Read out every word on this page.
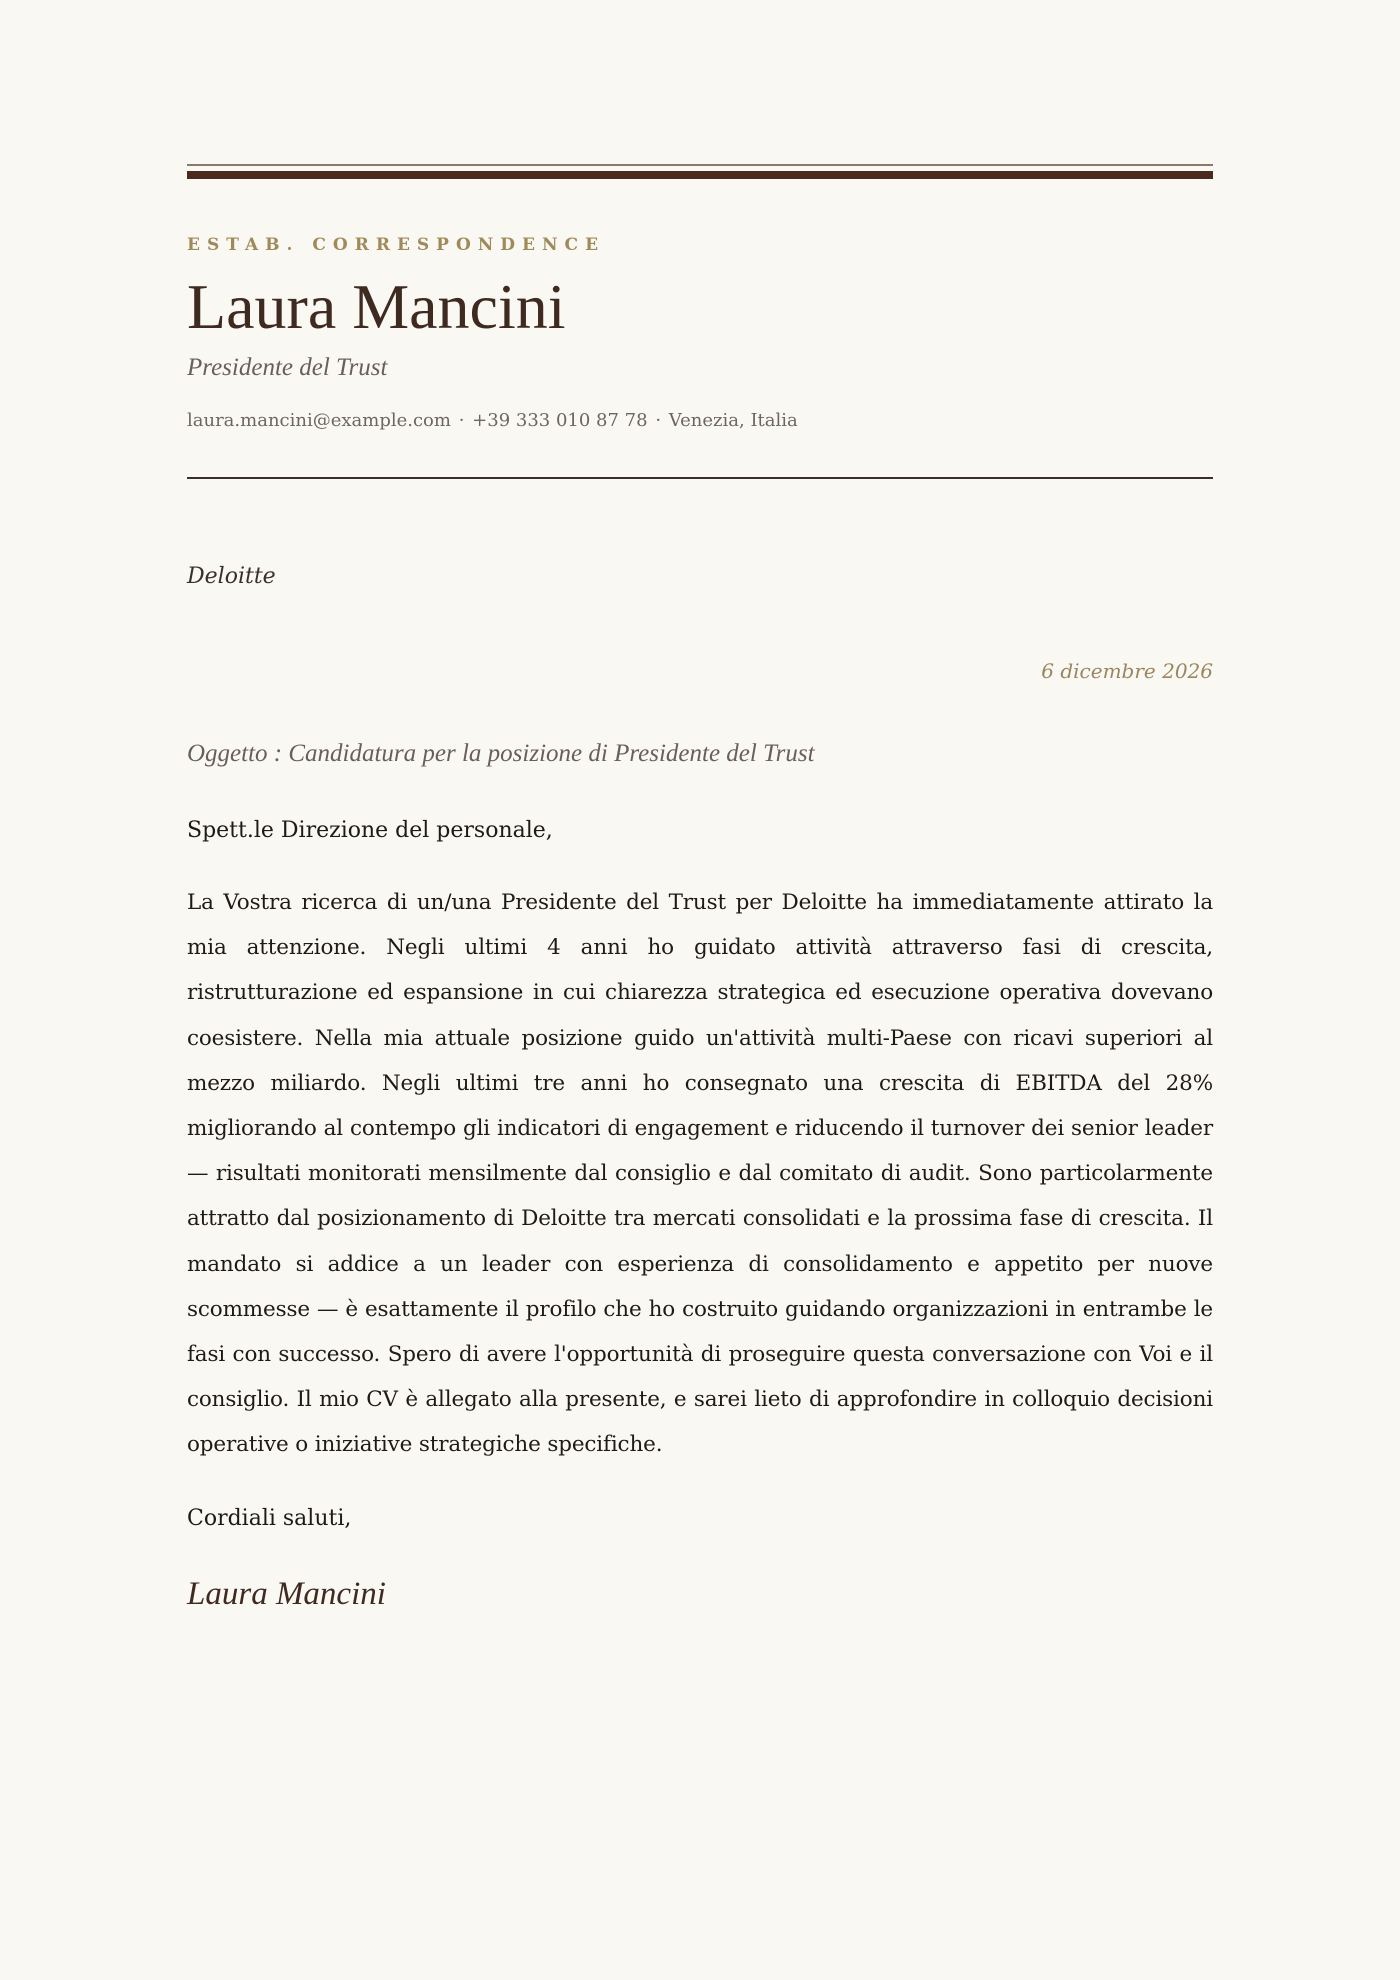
ESTAB. CORRESPONDENCE
Laura Mancini
Presidente del Trust
laura.mancini@example.com · +39 333 010 87 78 · Venezia, Italia
Deloitte
6 dicembre 2026
Oggetto : Candidatura per la posizione di Presidente del Trust
Spett.le Direzione del personale,
La Vostra ricerca di un/una Presidente del Trust per Deloitte ha immediatamente attirato la mia attenzione. Negli ultimi 4 anni ho guidato attività attraverso fasi di crescita, ristrutturazione ed espansione in cui chiarezza strategica ed esecuzione operativa dovevano coesistere. Nella mia attuale posizione guido un'attività multi-Paese con ricavi superiori al mezzo miliardo. Negli ultimi tre anni ho consegnato una crescita di EBITDA del 28% migliorando al contempo gli indicatori di engagement e riducendo il turnover dei senior leader — risultati monitorati mensilmente dal consiglio e dal comitato di audit. Sono particolarmente attratto dal posizionamento di Deloitte tra mercati consolidati e la prossima fase di crescita. Il mandato si addice a un leader con esperienza di consolidamento e appetito per nuove scommesse — è esattamente il profilo che ho costruito guidando organizzazioni in entrambe le fasi con successo. Spero di avere l'opportunità di proseguire questa conversazione con Voi e il consiglio. Il mio CV è allegato alla presente, e sarei lieto di approfondire in colloquio decisioni operative o iniziative strategiche specifiche.
Cordiali saluti,
Laura Mancini
